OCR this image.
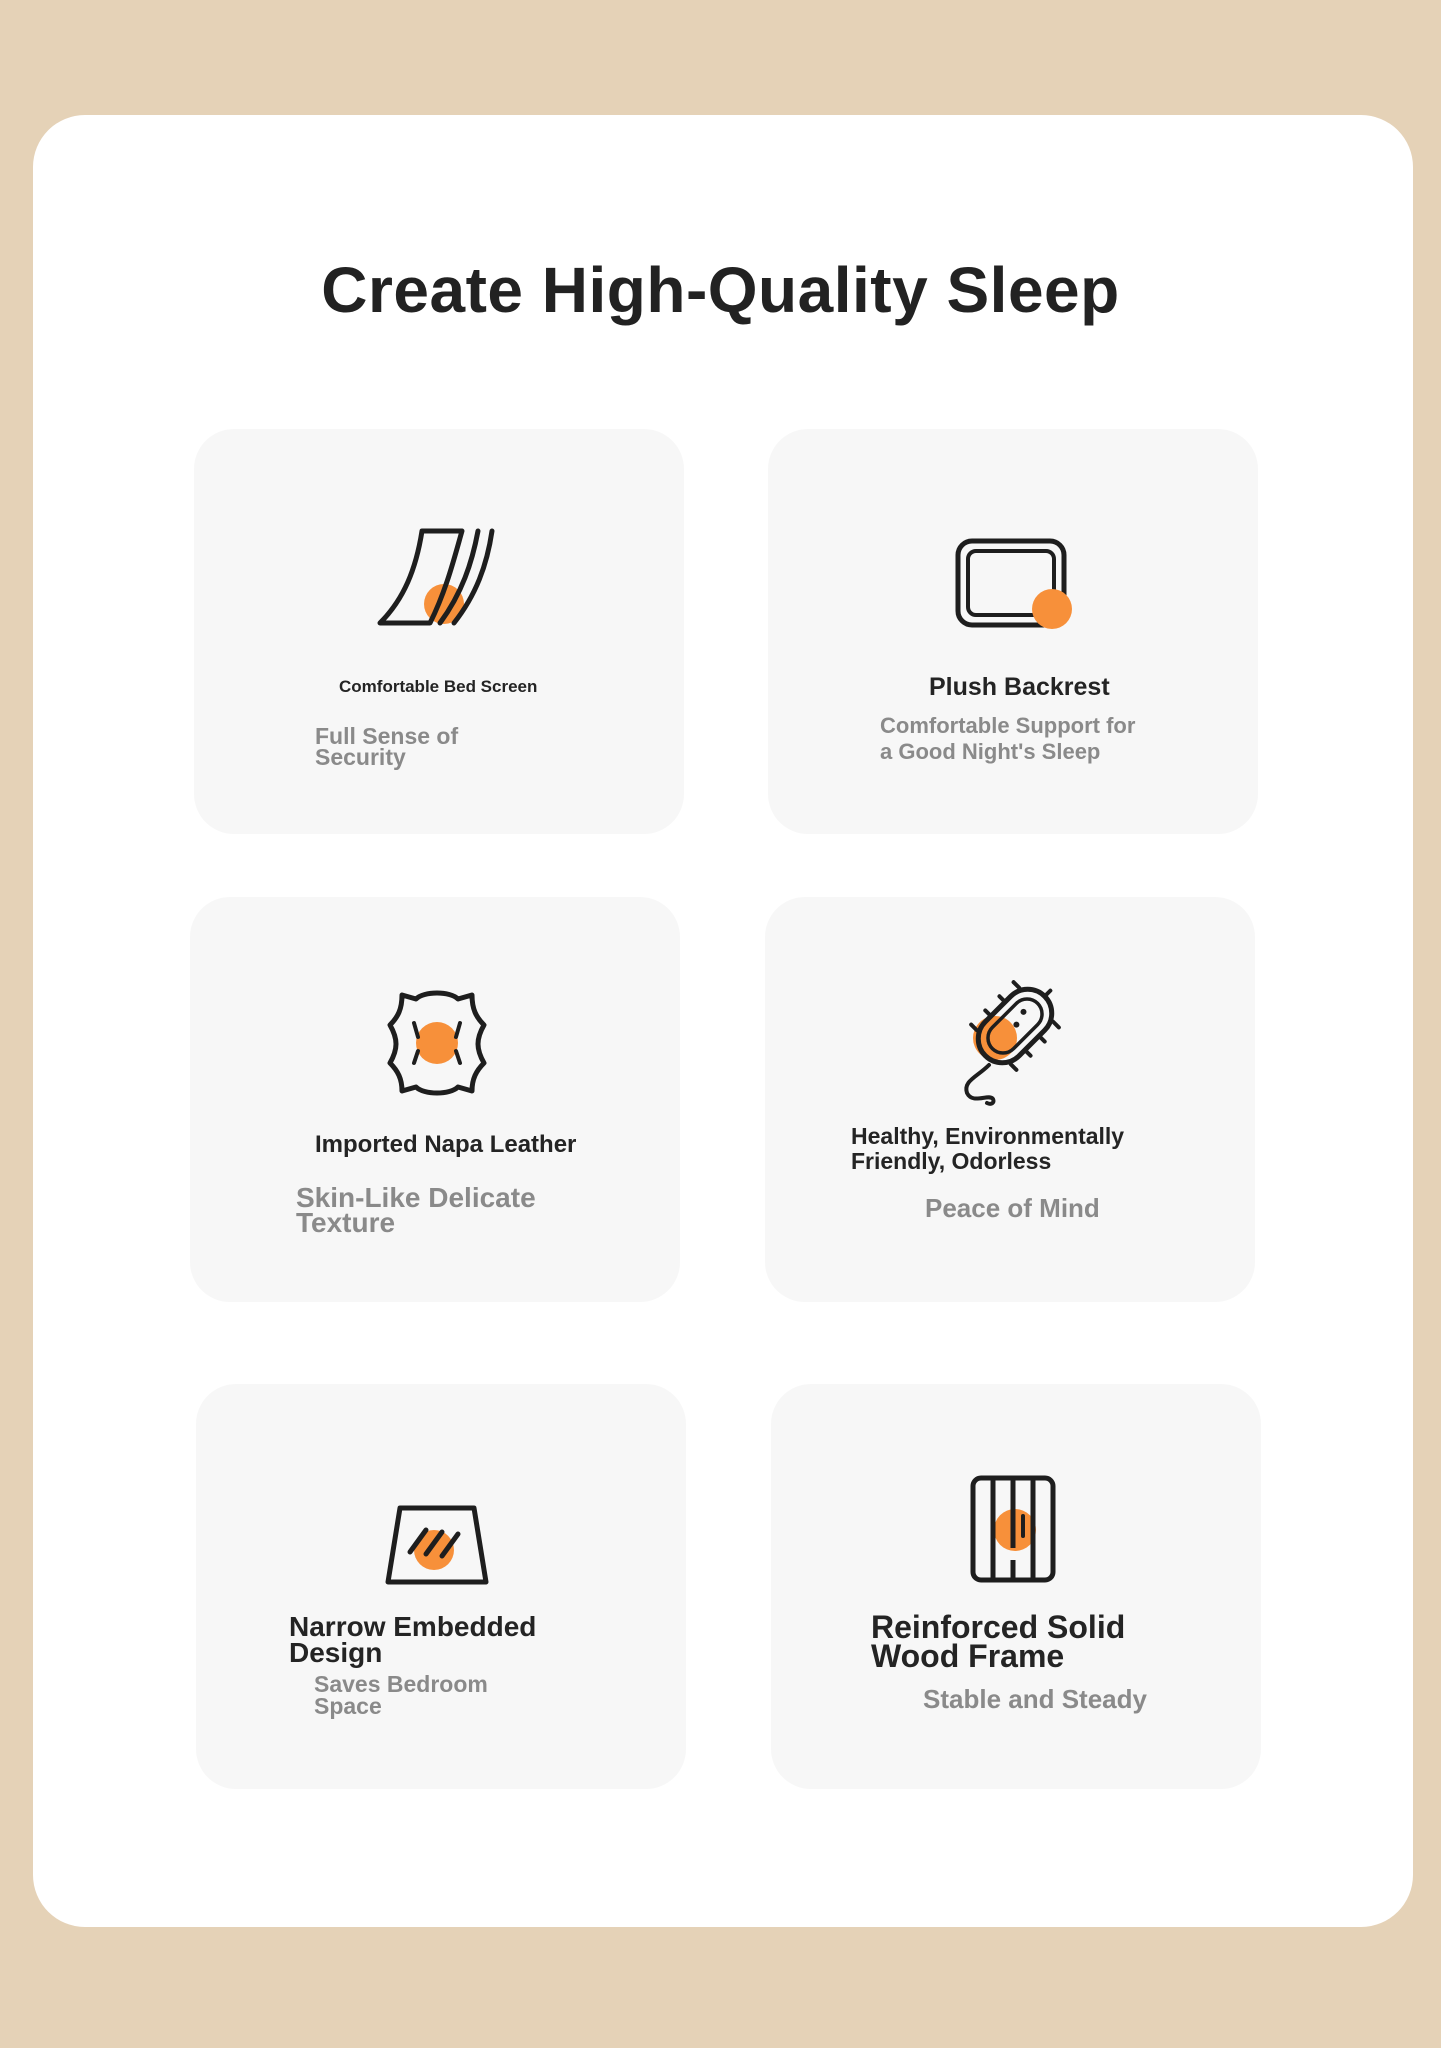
Create High-Quality Sleep

Comfortable Bed Screen

Full Sense of

Security

Plush Backrest

Comfortable Support for

a Good Night's Sleep

Imported Napa Leather

Skin-Like Delicate

Texture

Healthy, Environmentally

Friendly, Odorless

Peace of Mind

Narrow Embedded

Design

Saves Bedroom

Space

Reinforced Solid

Wood Frame

Stable and Steady
